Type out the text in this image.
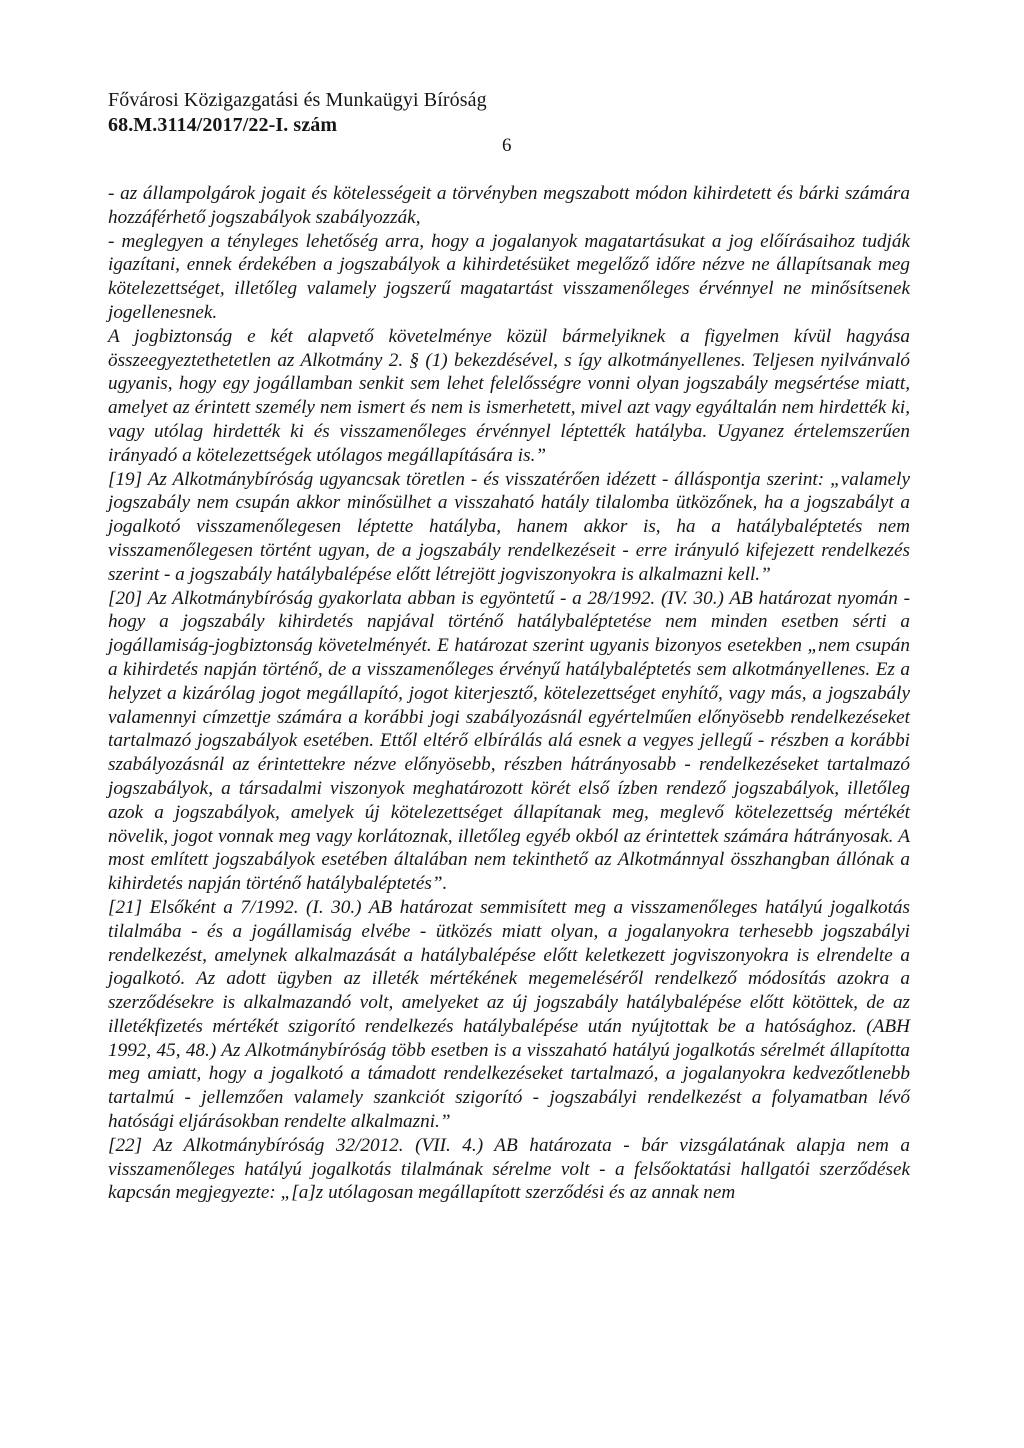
Fővárosi Közigazgatási és Munkaügyi Bíróság
68.M.3114/2017/22-I. szám
6

- az állampolgárok jogait és kötelességeit a törvényben megszabott módon kihirdetett és bárki számára hozzáférhető jogszabályok szabályozzák,

- meglegyen a tényleges lehetőség arra, hogy a jogalanyok magatartásukat a jog előírásaihoz tudják igazítani, ennek érdekében a jogszabályok a kihirdetésüket megelőző időre nézve ne állapítsanak meg kötelezettséget, illetőleg valamely jogszerű magatartást visszamenőleges érvénnyel ne minősítsenek jogellenesnek.

A jogbiztonság e két alapvető követelménye közül bármelyiknek a figyelmen kívül hagyása összeegyeztethetetlen az Alkotmány 2. § (1) bekezdésével, s így alkotmányellenes. Teljesen nyilvánvaló ugyanis, hogy egy jogállamban senkit sem lehet felelősségre vonni olyan jogszabály megsértése miatt, amelyet az érintett személy nem ismert és nem is ismerhetett, mivel azt vagy egyáltalán nem hirdették ki, vagy utólag hirdették ki és visszamenőleges érvénnyel léptették hatályba. Ugyanez értelemszerűen irányadó a kötelezettségek utólagos megállapítására is.”

[19] Az Alkotmánybíróság ugyancsak töretlen - és visszatérően idézett - álláspontja szerint: „valamely jogszabály nem csupán akkor minősülhet a visszaható hatály tilalomba ütközőnek, ha a jogszabályt a jogalkotó visszamenőlegesen léptette hatályba, hanem akkor is, ha a hatálybaléptetés nem visszamenőlegesen történt ugyan, de a jogszabály rendelkezéseit - erre irányuló kifejezett rendelkezés szerint - a jogszabály hatálybalépése előtt létrejött jogviszonyokra is alkalmazni kell.”

[20] Az Alkotmánybíróság gyakorlata abban is egyöntetű - a 28/1992. (IV. 30.) AB határozat nyomán - hogy a jogszabály kihirdetés napjával történő hatálybaléptetése nem minden esetben sérti a jogállamiság-jogbiztonság követelményét. E határozat szerint ugyanis bizonyos esetekben „nem csupán a kihirdetés napján történő, de a visszamenőleges érvényű hatálybaléptetés sem alkotmányellenes. Ez a helyzet a kizárólag jogot megállapító, jogot kiterjesztő, kötelezettséget enyhítő, vagy más, a jogszabály valamennyi címzettje számára a korábbi jogi szabályozásnál egyértelműen előnyösebb rendelkezéseket tartalmazó jogszabályok esetében. Ettől eltérő elbírálás alá esnek a vegyes jellegű - részben a korábbi szabályozásnál az érintettekre nézve előnyösebb, részben hátrányosabb - rendelkezéseket tartalmazó jogszabályok, a társadalmi viszonyok meghatározott körét első ízben rendező jogszabályok, illetőleg azok a jogszabályok, amelyek új kötelezettséget állapítanak meg, meglevő kötelezettség mértékét növelik, jogot vonnak meg vagy korlátoznak, illetőleg egyéb okból az érintettek számára hátrányosak. A most említett jogszabályok esetében általában nem tekinthető az Alkotmánnyal összhangban állónak a kihirdetés napján történő hatálybaléptetés”.

[21] Elsőként a 7/1992. (I. 30.) AB határozat semmisített meg a visszamenőleges hatályú jogalkotás tilalmába - és a jogállamiság elvébe - ütközés miatt olyan, a jogalanyokra terhesebb jogszabályi rendelkezést, amelynek alkalmazását a hatálybalépése előtt keletkezett jogviszonyokra is elrendelte a jogalkotó. Az adott ügyben az illeték mértékének megemeléséről rendelkező módosítás azokra a szerződésekre is alkalmazandó volt, amelyeket az új jogszabály hatálybalépése előtt kötöttek, de az illetékfizetés mértékét szigorító rendelkezés hatálybalépése után nyújtottak be a hatósághoz. (ABH 1992, 45, 48.) Az Alkotmánybíróság több esetben is a visszaható hatályú jogalkotás sérelmét állapította meg amiatt, hogy a jogalkotó a támadott rendelkezéseket tartalmazó, a jogalanyokra kedvezőtlenebb tartalmú - jellemzően valamely szankciót szigorító - jogszabályi rendelkezést a folyamatban lévő hatósági eljárásokban rendelte alkalmazni.”

[22] Az Alkotmánybíróság 32/2012. (VII. 4.) AB határozata - bár vizsgálatának alapja nem a visszamenőleges hatályú jogalkotás tilalmának sérelme volt - a felsőoktatási hallgatói szerződések kapcsán megjegyezte: „[a]z utólagosan megállapított szerződési és az annak nem
